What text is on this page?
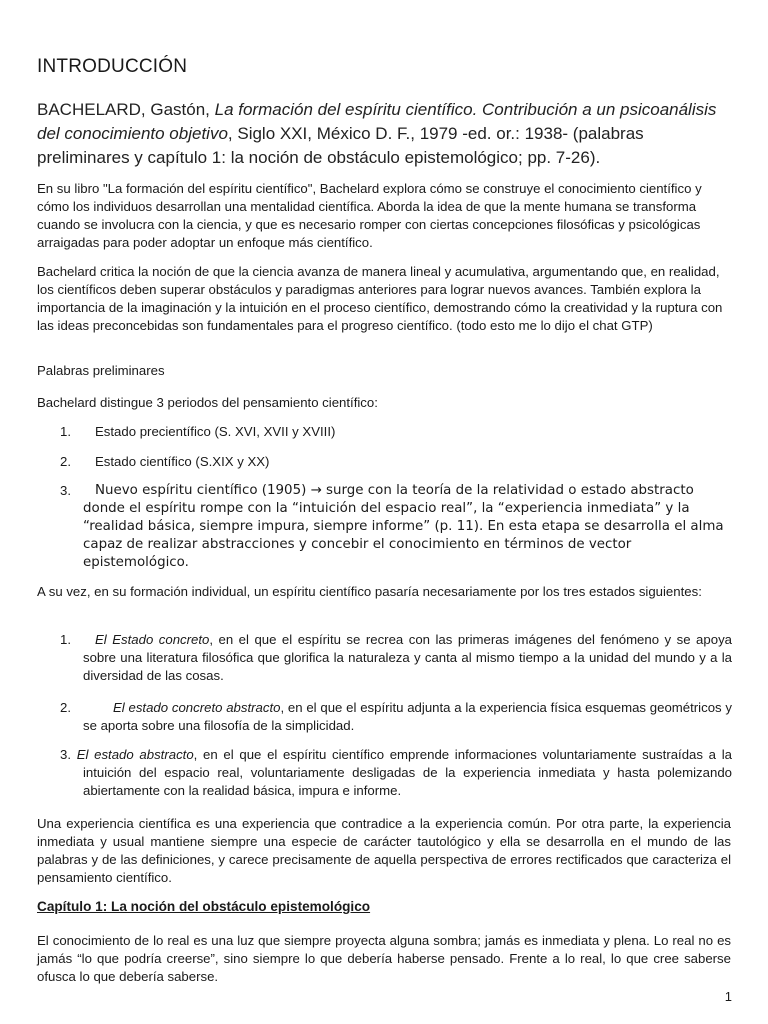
INTRODUCCIÓN
BACHELARD, Gastón, La formación del espíritu científico. Contribución a un psicoanálisis del conocimiento objetivo, Siglo XXI, México D. F., 1979 -ed. or.: 1938- (palabras preliminares y capítulo 1: la noción de obstáculo epistemológico; pp. 7-26).

En su libro "La formación del espíritu científico", Bachelard explora cómo se construye el conocimiento científico y cómo los individuos desarrollan una mentalidad científica. Aborda la idea de que la mente humana se transforma cuando se involucra con la ciencia, y que es necesario romper con ciertas concepciones filosóficas y psicológicas arraigadas para poder adoptar un enfoque más científico.

Bachelard critica la noción de que la ciencia avanza de manera lineal y acumulativa, argumentando que, en realidad, los científicos deben superar obstáculos y paradigmas anteriores para lograr nuevos avances. También explora la importancia de la imaginación y la intuición en el proceso científico, demostrando cómo la creatividad y la ruptura con las ideas preconcebidas son fundamentales para el progreso científico. (todo esto me lo dijo el chat GTP)

Palabras preliminares

Bachelard distingue 3 periodos del pensamiento científico:

1.	Estado precientífico (S. XVI, XVII y XVIII)
2.	Estado científico (S.XIX y XX)
3.	Nuevo espíritu científico (1905) → surge con la teoría de la relatividad o estado abstracto donde el espíritu rompe con la “intuición del espacio real”, la “experiencia inmediata” y la “realidad básica, siempre impura, siempre informe” (p. 11). En esta etapa se desarrolla el alma capaz de realizar abstracciones y concebir el conocimiento en términos de vector epistemológico.

A su vez, en su formación individual, un espíritu científico pasaría necesariamente por los tres estados siguientes:

1.	El Estado concreto, en el que el espíritu se recrea con las primeras imágenes del fenómeno y se apoya sobre una literatura filosófica que glorifica la naturaleza y canta al mismo tiempo a la unidad del mundo y a la diversidad de las cosas.
2.	El estado concreto abstracto, en el que el espíritu adjunta a la experiencia física esquemas geométricos y se aporta sobre una filosofía de la simplicidad.
3. El estado abstracto, en el que el espíritu científico emprende informaciones voluntariamente sustraídas a la intuición del espacio real, voluntariamente desligadas de la experiencia inmediata y hasta polemizando abiertamente con la realidad básica, impura e informe.

Una experiencia científica es una experiencia que contradice a la experiencia común. Por otra parte, la experiencia inmediata y usual mantiene siempre una especie de carácter tautológico y ella se desarrolla en el mundo de las palabras y de las definiciones, y carece precisamente de aquella perspectiva de errores rectificados que caracteriza el pensamiento científico.

Capítulo 1: La noción del obstáculo epistemológico

El conocimiento de lo real es una luz que siempre proyecta alguna sombra; jamás es inmediata y plena. Lo real no es jamás “lo que podría creerse”, sino siempre lo que debería haberse pensado. Frente a lo real, lo que cree saberse ofusca lo que debería saberse.

1
